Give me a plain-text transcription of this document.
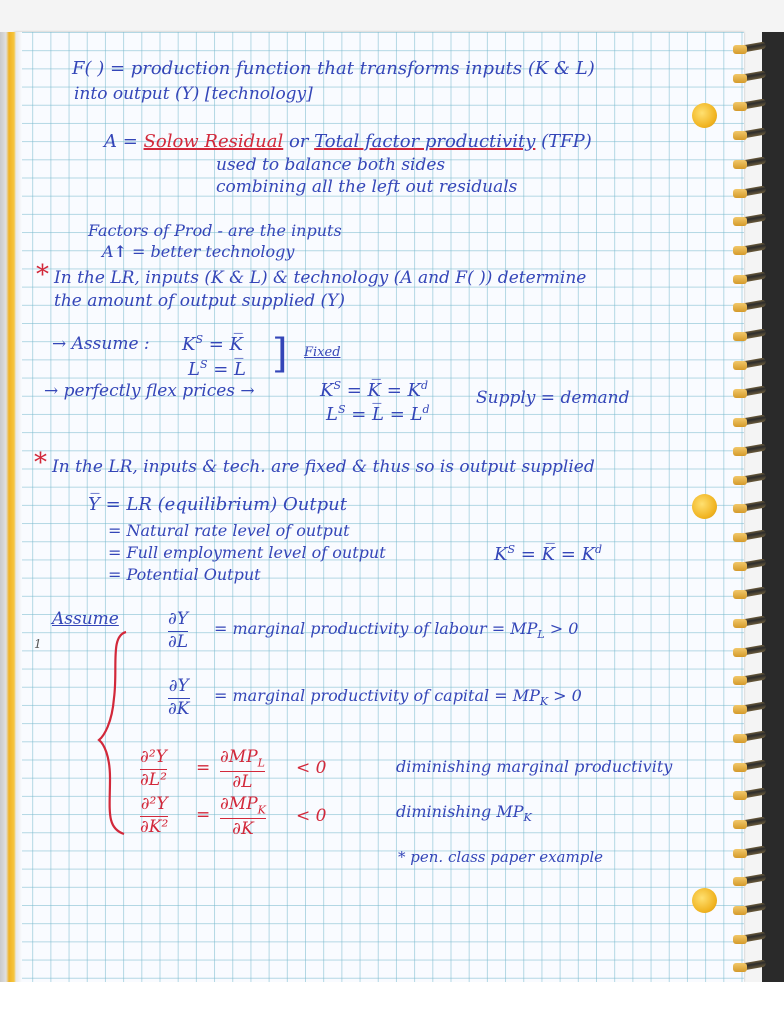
F( ) = production function that transforms inputs (K & L)
into output (Y) [technology]
A = Solow Residual or Total factor productivity (TFP)
used to balance both sides
combining all the left out residuals
Factors of Prod - are the inputs
A↑ = better technology
* In the LR, inputs (K & L) & technology (A and F( )) determine
the amount of output supplied (Y)
→ Assume : $K^S$ = K̅
$L^S$ = L̅ ] Fixed
→ perfectly flex prices →	$K^S$ = K̅ = $K^d$
$L^S$ = L̅ = $L^d$
Supply = demand
* In the LR, inputs & tech. are fixed & thus so is output supplied
Y̅ = LR (equilibrium) Output
= Natural rate level of output
= Full employment level of output	$K^S$ = K̅ = $K^d$
= Potential Output
Assume
1
∂Y
∂L
= marginal productivity of labour = $MP_L > 0$
∂Y
∂K
= marginal productivity of capital = $MP_K > 0$
∂²Y
∂L²
=
$\partial MP_L$
∂L
< 0	diminishing marginal productivity
∂²Y
∂K²
=
$\partial MP_K$
∂K
< 0	diminishing $MP_K$
* pen. class paper example
